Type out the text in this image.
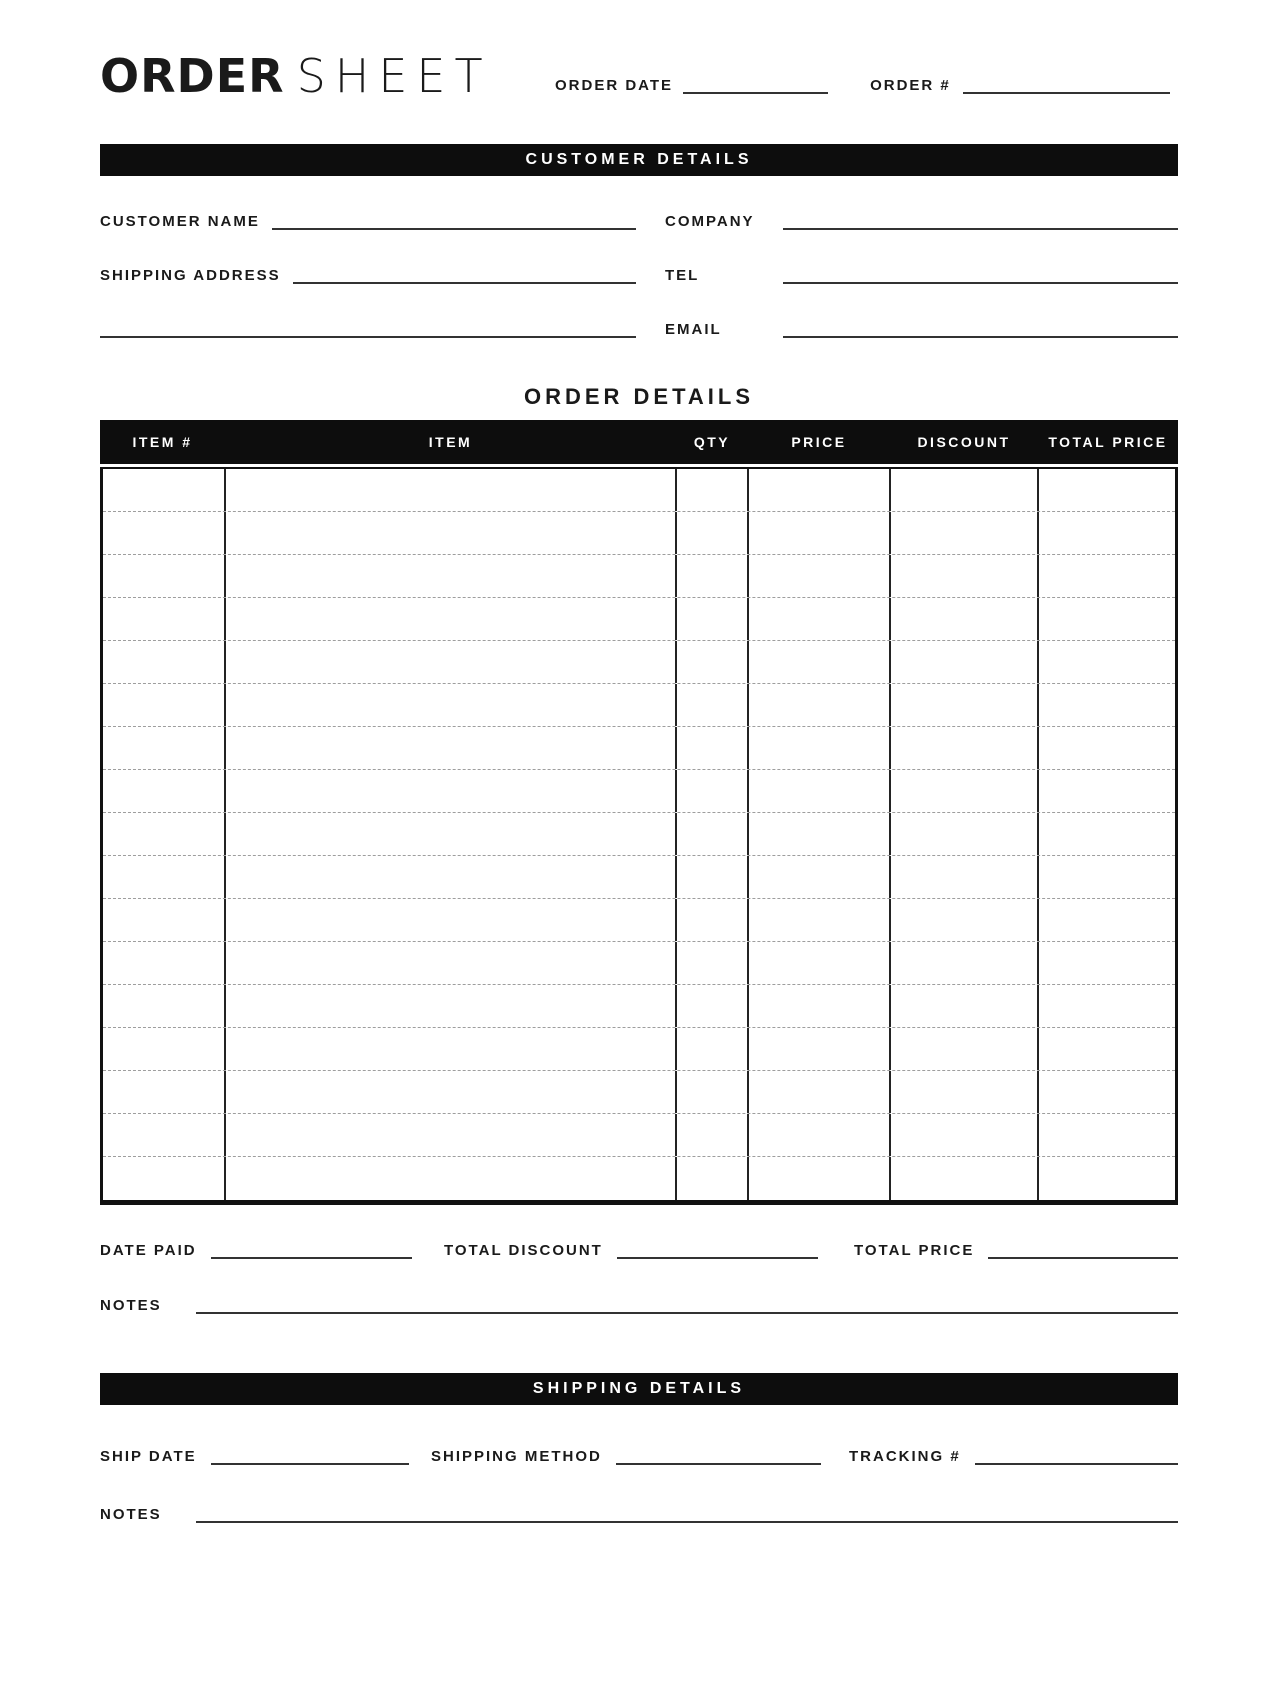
ORDER SHEET	ORDER DATE	ORDER #
CUSTOMER DETAILS
CUSTOMER NAME
SHIPPING ADDRESS
COMPANY
TEL
EMAIL
ORDER DETAILS
ITEM #	ITEM	QTY	PRICE	DISCOUNT	TOTAL PRICE
DATE PAID	TOTAL DISCOUNT	TOTAL PRICE
NOTES
SHIPPING DETAILS
SHIP DATE	SHIPPING METHOD	TRACKING #
NOTES
